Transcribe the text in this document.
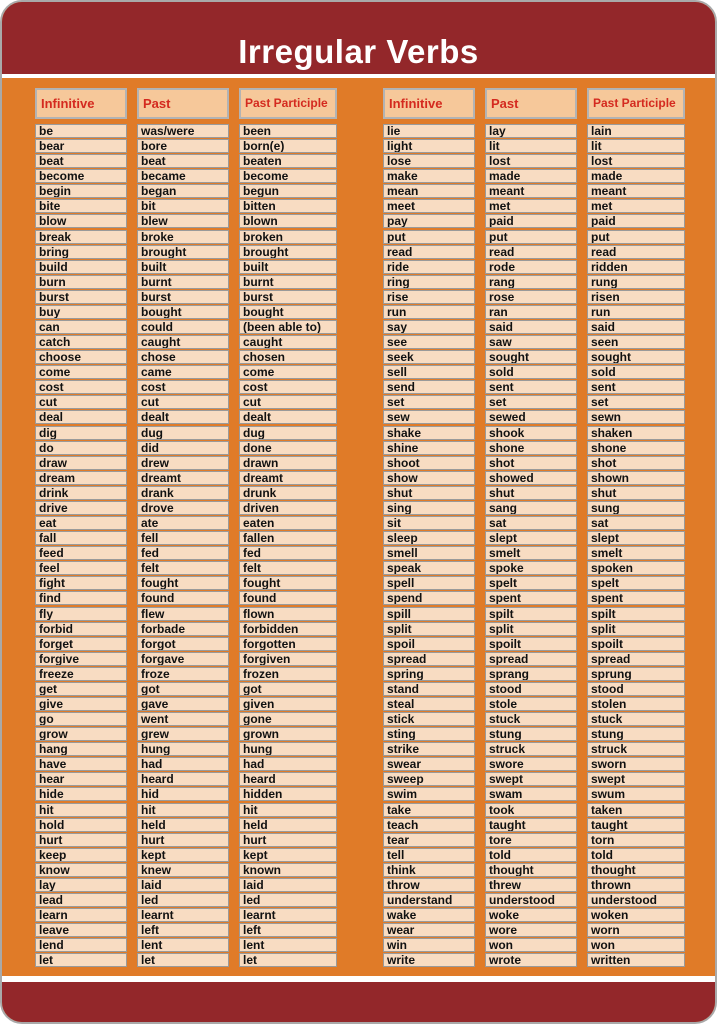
Irregular Verbs
Infinitive
be
bear
beat
become
begin
bite
blow
break
bring
build
burn
burst
buy
can
catch
choose
come
cost
cut
deal
dig
do
draw
dream
drink
drive
eat
fall
feed
feel
fight
find
fly
forbid
forget
forgive
freeze
get
give
go
grow
hang
have
hear
hide
hit
hold
hurt
keep
know
lay
lead
learn
leave
lend
let
Past
was/were
bore
beat
became
began
bit
blew
broke
brought
built
burnt
burst
bought
could
caught
chose
came
cost
cut
dealt
dug
did
drew
dreamt
drank
drove
ate
fell
fed
felt
fought
found
flew
forbade
forgot
forgave
froze
got
gave
went
grew
hung
had
heard
hid
hit
held
hurt
kept
knew
laid
led
learnt
left
lent
let
Past Participle
been
born(e)
beaten
become
begun
bitten
blown
broken
brought
built
burnt
burst
bought
(been able to)
caught
chosen
come
cost
cut
dealt
dug
done
drawn
dreamt
drunk
driven
eaten
fallen
fed
felt
fought
found
flown
forbidden
forgotten
forgiven
frozen
got
given
gone
grown
hung
had
heard
hidden
hit
held
hurt
kept
known
laid
led
learnt
left
lent
let
Infinitive
lie
light
lose
make
mean
meet
pay
put
read
ride
ring
rise
run
say
see
seek
sell
send
set
sew
shake
shine
shoot
show
shut
sing
sit
sleep
smell
speak
spell
spend
spill
split
spoil
spread
spring
stand
steal
stick
sting
strike
swear
sweep
swim
take
teach
tear
tell
think
throw
understand
wake
wear
win
write
Past
lay
lit
lost
made
meant
met
paid
put
read
rode
rang
rose
ran
said
saw
sought
sold
sent
set
sewed
shook
shone
shot
showed
shut
sang
sat
slept
smelt
spoke
spelt
spent
spilt
split
spoilt
spread
sprang
stood
stole
stuck
stung
struck
swore
swept
swam
took
taught
tore
told
thought
threw
understood
woke
wore
won
wrote
Past Participle
lain
lit
lost
made
meant
met
paid
put
read
ridden
rung
risen
run
said
seen
sought
sold
sent
set
sewn
shaken
shone
shot
shown
shut
sung
sat
slept
smelt
spoken
spelt
spent
spilt
split
spoilt
spread
sprung
stood
stolen
stuck
stung
struck
sworn
swept
swum
taken
taught
torn
told
thought
thrown
understood
woken
worn
won
written
